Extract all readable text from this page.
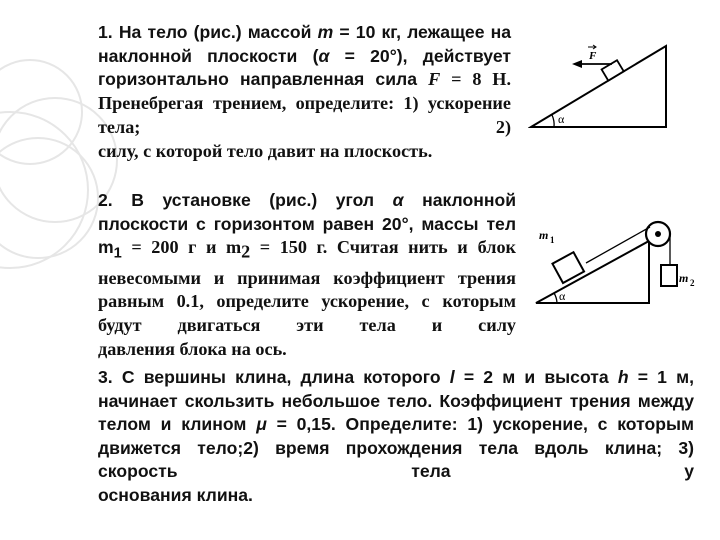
1. На тело (рис.) массой m = 10 кг, лежащее на наклонной плоскости (α = 20°), действует горизонтально направленная сила F = 8 Н. Пренебрегая трением, определите: 1) ускорение тела; 2)
силу, с которой тело давит на плоскость.
F
α
2. В установке (рис.) угол α наклонной плоскости с горизонтом равен 20°, массы тел $m_1 = 200$ г и $m_2 = 150$ г. Считая нить и блок невесомыми и принимая коэффициент трения равным 0.1, определите ускорение, с которым будут двигаться эти тела и силу
давления блока на ось.
m 1
m 2
α
3. С вершины клина, длина которого l = 2 м и высота h = 1 м, начинает скользить небольшое тело. Коэффициент трения между телом и клином μ = 0,15. Определите: 1) ускорение, с которым движется тело;2) время прохождения тела вдоль клина; 3) скорость тела у
основания клина.
